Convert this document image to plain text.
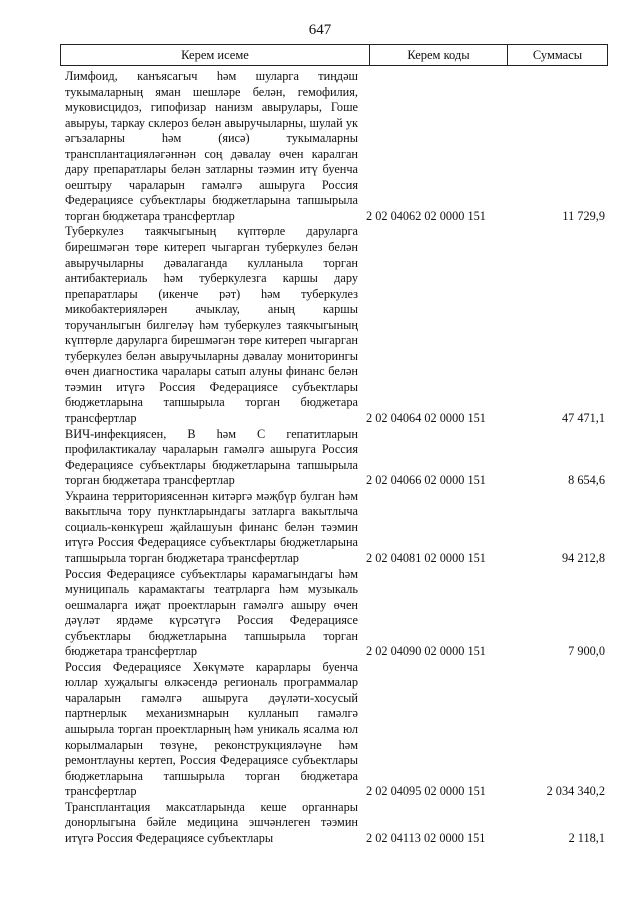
647
Керем исеме	Керем коды	Суммасы
Лимфоид, канъясагыч һәм шуларга тиңдәш тукымаларның яман шешләре белән, гемофилия, муковисцидоз, гипофизар нанизм авырулары, Гоше авыруы, таркау склероз белән авыручыларны, шулай ук әгъзаларны һәм (яисә) тукымаларны трансплантацияләгәннән соң дәвалау өчен каралган дару препаратлары белән затларны тәэмин итү буенча оештыру чараларын гамәлгә ашыруга Россия Федерациясе субъектлары бюджетларына тапшырыла торган бюджетара трансфертлар	2 02 04062 02 0000 151	11 729,9
Туберкулез таякчыгының күптөрле даруларга бирешмәгән төре китереп чыгарган туберкулез белән авыручыларны дәвалаганда кулланыла торган антибактериаль һәм туберкулезга каршы дару препаратлары (икенче рәт) һәм туберкулез микобактерияләрен ачыклау, аның каршы торучанлыгын билгеләү һәм туберкулез таякчыгының күптөрле даруларга бирешмәгән төре китереп чыгарган туберкулез белән авыручыларны дәвалау мониторингы өчен диагностика чаралары сатып алуны финанс белән тәэмин итүгә Россия Федерациясе субъектлары бюджетларына тапшырыла торган бюджетара трансфертлар	2 02 04064 02 0000 151	47 471,1
ВИЧ-инфекциясен, В һәм С гепатитларын профилактикалау чараларын гамәлгә ашыруга Россия Федерациясе субъектлары бюджетларына тапшырыла торган бюджетара трансфертлар	2 02 04066 02 0000 151	8 654,6
Украина территориясеннән китәргә мәҗбүр булган һәм вакытлыча тору пунктларындагы затларга вакытлыча социаль-көнкүреш җайлашуын финанс белән тәэмин итүгә Россия Федерациясе субъектлары бюджетларына тапшырыла торган бюджетара трансфертлар	2 02 04081 02 0000 151	94 212,8
Россия Федерациясе субъектлары карамагындагы һәм муниципаль карамактагы театрларга һәм музыкаль оешмаларга иҗат проектларын гамәлгә ашыру өчен дәүләт ярдәме күрсәтүгә Россия Федерациясе субъектлары бюджетларына тапшырыла торган бюджетара трансфертлар	2 02 04090 02 0000 151	7 900,0
Россия Федерациясе Хөкүмәте карарлары буенча юллар хуҗалыгы өлкәсендә региональ программалар чараларын гамәлгә ашыруга дәүләти-хосусый партнерлык механизмнарын кулланып гамәлгә ашырыла торган проектларның һәм уникаль ясалма юл корылмаларын төзүне, реконструкцияләүне һәм ремонтлауны кертеп, Россия Федерациясе субъектлары бюджетларына тапшырыла торган бюджетара трансфертлар	2 02 04095 02 0000 151	2 034 340,2
Трансплантация максатларында кеше органнары донорлыгына бәйле медицина эшчәнлеген тәэмин итүгә Россия Федерациясе субъектлары	2 02 04113 02 0000 151	2 118,1
